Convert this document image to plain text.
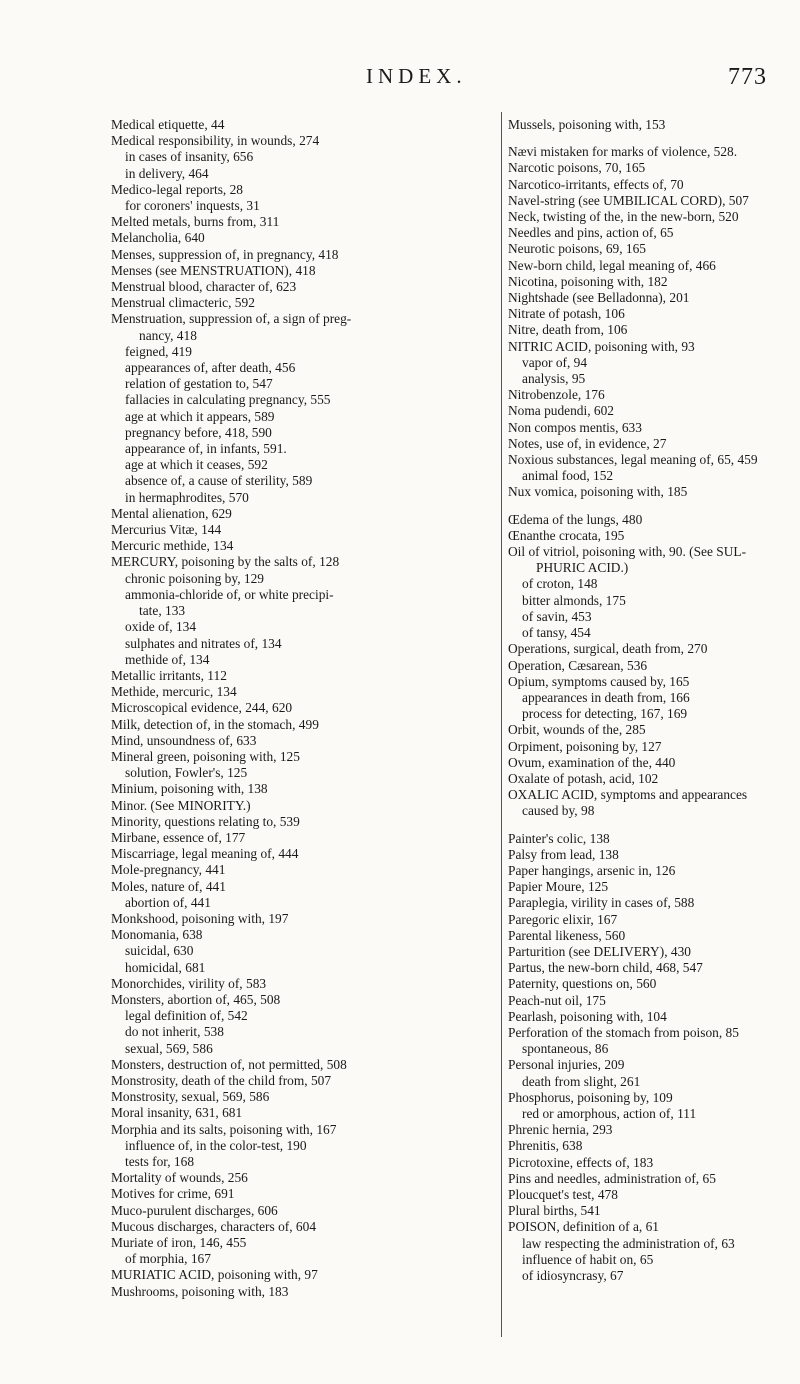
INDEX.	773
Medical etiquette, 44
Medical responsibility, in wounds, 274
in cases of insanity, 656
in delivery, 464
Medico-legal reports, 28
for coroners' inquests, 31
Melted metals, burns from, 311
Melancholia, 640
Menses, suppression of, in pregnancy, 418
Menses (see MENSTRUATION), 418
Menstrual blood, character of, 623
Menstrual climacteric, 592
Menstruation, suppression of, a sign of preg-
nancy, 418
feigned, 419
appearances of, after death, 456
relation of gestation to, 547
fallacies in calculating pregnancy, 555
age at which it appears, 589
pregnancy before, 418, 590
appearance of, in infants, 591.
age at which it ceases, 592
absence of, a cause of sterility, 589
in hermaphrodites, 570
Mental alienation, 629
Mercurius Vitæ, 144
Mercuric methide, 134
MERCURY, poisoning by the salts of, 128
chronic poisoning by, 129
ammonia-chloride of, or white precipi-
tate, 133
oxide of, 134
sulphates and nitrates of, 134
methide of, 134
Metallic irritants, 112
Methide, mercuric, 134
Microscopical evidence, 244, 620
Milk, detection of, in the stomach, 499
Mind, unsoundness of, 633
Mineral green, poisoning with, 125
solution, Fowler's, 125
Minium, poisoning with, 138
Minor. (See MINORITY.)
Minority, questions relating to, 539
Mirbane, essence of, 177
Miscarriage, legal meaning of, 444
Mole-pregnancy, 441
Moles, nature of, 441
abortion of, 441
Monkshood, poisoning with, 197
Monomania, 638
suicidal, 630
homicidal, 681
Monorchides, virility of, 583
Monsters, abortion of, 465, 508
legal definition of, 542
do not inherit, 538
sexual, 569, 586
Monsters, destruction of, not permitted, 508
Monstrosity, death of the child from, 507
Monstrosity, sexual, 569, 586
Moral insanity, 631, 681
Morphia and its salts, poisoning with, 167
influence of, in the color-test, 190
tests for, 168
Mortality of wounds, 256
Motives for crime, 691
Muco-purulent discharges, 606
Mucous discharges, characters of, 604
Muriate of iron, 146, 455
of morphia, 167
MURIATIC ACID, poisoning with, 97
Mushrooms, poisoning with, 183
Mussels, poisoning with, 153
Nævi mistaken for marks of violence, 528.
Narcotic poisons, 70, 165
Narcotico-irritants, effects of, 70
Navel-string (see UMBILICAL CORD), 507
Neck, twisting of the, in the new-born, 520
Needles and pins, action of, 65
Neurotic poisons, 69, 165
New-born child, legal meaning of, 466
Nicotina, poisoning with, 182
Nightshade (see Belladonna), 201
Nitrate of potash, 106
Nitre, death from, 106
NITRIC ACID, poisoning with, 93
vapor of, 94
analysis, 95
Nitrobenzole, 176
Noma pudendi, 602
Non compos mentis, 633
Notes, use of, in evidence, 27
Noxious substances, legal meaning of, 65, 459
animal food, 152
Nux vomica, poisoning with, 185
Œdema of the lungs, 480
Œnanthe crocata, 195
Oil of vitriol, poisoning with, 90. (See SUL-
PHURIC ACID.)
of croton, 148
bitter almonds, 175
of savin, 453
of tansy, 454
Operations, surgical, death from, 270
Operation, Cæsarean, 536
Opium, symptoms caused by, 165
appearances in death from, 166
process for detecting, 167, 169
Orbit, wounds of the, 285
Orpiment, poisoning by, 127
Ovum, examination of the, 440
Oxalate of potash, acid, 102
OXALIC ACID, symptoms and appearances
caused by, 98
Painter's colic, 138
Palsy from lead, 138
Paper hangings, arsenic in, 126
Papier Moure, 125
Paraplegia, virility in cases of, 588
Paregoric elixir, 167
Parental likeness, 560
Parturition (see DELIVERY), 430
Partus, the new-born child, 468, 547
Paternity, questions on, 560
Peach-nut oil, 175
Pearlash, poisoning with, 104
Perforation of the stomach from poison, 85
spontaneous, 86
Personal injuries, 209
death from slight, 261
Phosphorus, poisoning by, 109
red or amorphous, action of, 111
Phrenic hernia, 293
Phrenitis, 638
Picrotoxine, effects of, 183
Pins and needles, administration of, 65
Ploucquet's test, 478
Plural births, 541
POISON, definition of a, 61
law respecting the administration of, 63
influence of habit on, 65
of idiosyncrasy, 67
